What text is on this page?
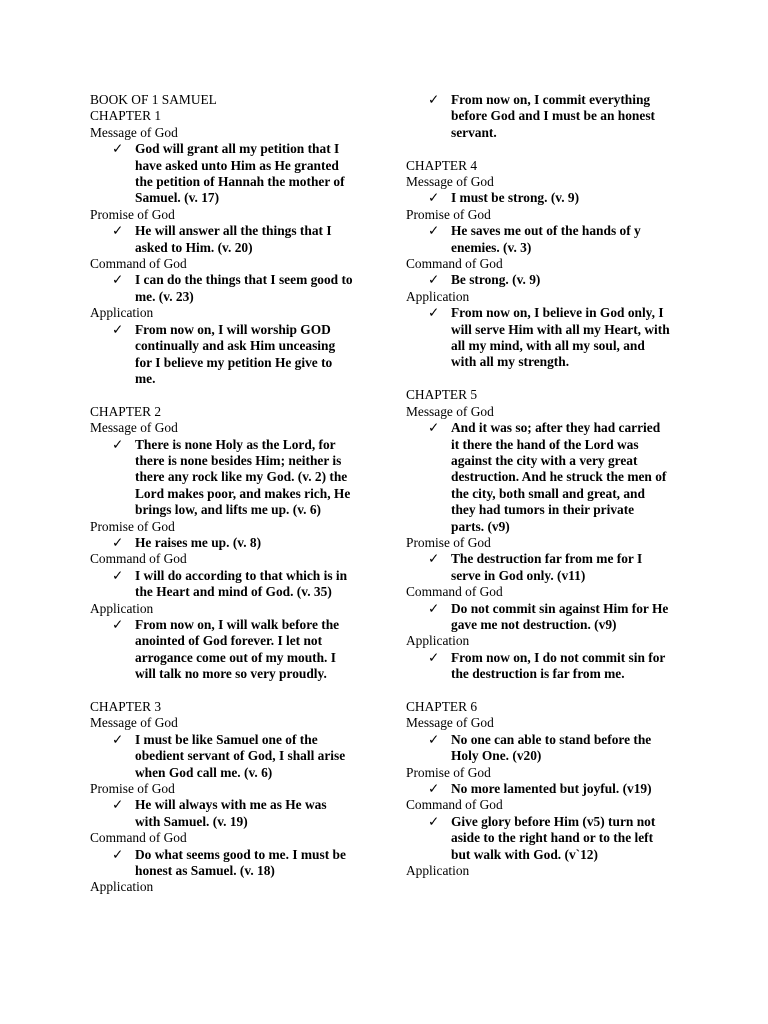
BOOK OF 1 SAMUEL
CHAPTER 1
Message of God
✓ God will grant all my petition that I
have asked unto Him as He granted
the petition of Hannah the mother of
Samuel. (v. 17)
Promise of God
✓ He will answer all the things that I
asked to Him. (v. 20)
Command of God
✓ I can do the things that I seem good to
me. (v. 23)
Application
✓ From now on, I will worship GOD
continually and ask Him unceasing
for I believe my petition He give to
me.
CHAPTER 2
Message of God
✓ There is none Holy as the Lord, for
there is none besides Him; neither is
there any rock like my God. (v. 2) the
Lord makes poor, and makes rich, He
brings low, and lifts me up. (v. 6)
Promise of God
✓ He raises me up. (v. 8)
Command of God
✓ I will do according to that which is in
the Heart and mind of God. (v. 35)
Application
✓ From now on, I will walk before the
anointed of God forever. I let not
arrogance come out of my mouth. I
will talk no more so very proudly.
CHAPTER 3
Message of God
✓ I must be like Samuel one of the
obedient servant of God, I shall arise
when God call me. (v. 6)
Promise of God
✓ He will always with me as He was
with Samuel. (v. 19)
Command of God
✓ Do what seems good to me. I must be
honest as Samuel. (v. 18)
Application
✓ From now on, I commit everything
before God and I must be an honest
servant.
CHAPTER 4
Message of God
✓ I must be strong. (v. 9)
Promise of God
✓ He saves me out of the hands of y
enemies. (v. 3)
Command of God
✓ Be strong. (v. 9)
Application
✓ From now on, I believe in God only, I
will serve Him with all my Heart, with
all my mind, with all my soul, and
with all my strength.
CHAPTER 5
Message of God
✓ And it was so; after they had carried
it there the hand of the Lord was
against the city with a very great
destruction. And he struck the men of
the city, both small and great, and
they had tumors in their private
parts. (v9)
Promise of God
✓ The destruction far from me for I
serve in God only. (v11)
Command of God
✓ Do not commit sin against Him for He
gave me not destruction. (v9)
Application
✓ From now on, I do not commit sin for
the destruction is far from me.
CHAPTER 6
Message of God
✓ No one can able to stand before the
Holy One. (v20)
Promise of God
✓ No more lamented but joyful. (v19)
Command of God
✓ Give glory before Him (v5) turn not
aside to the right hand or to the left
but walk with God. (v`12)
Application
